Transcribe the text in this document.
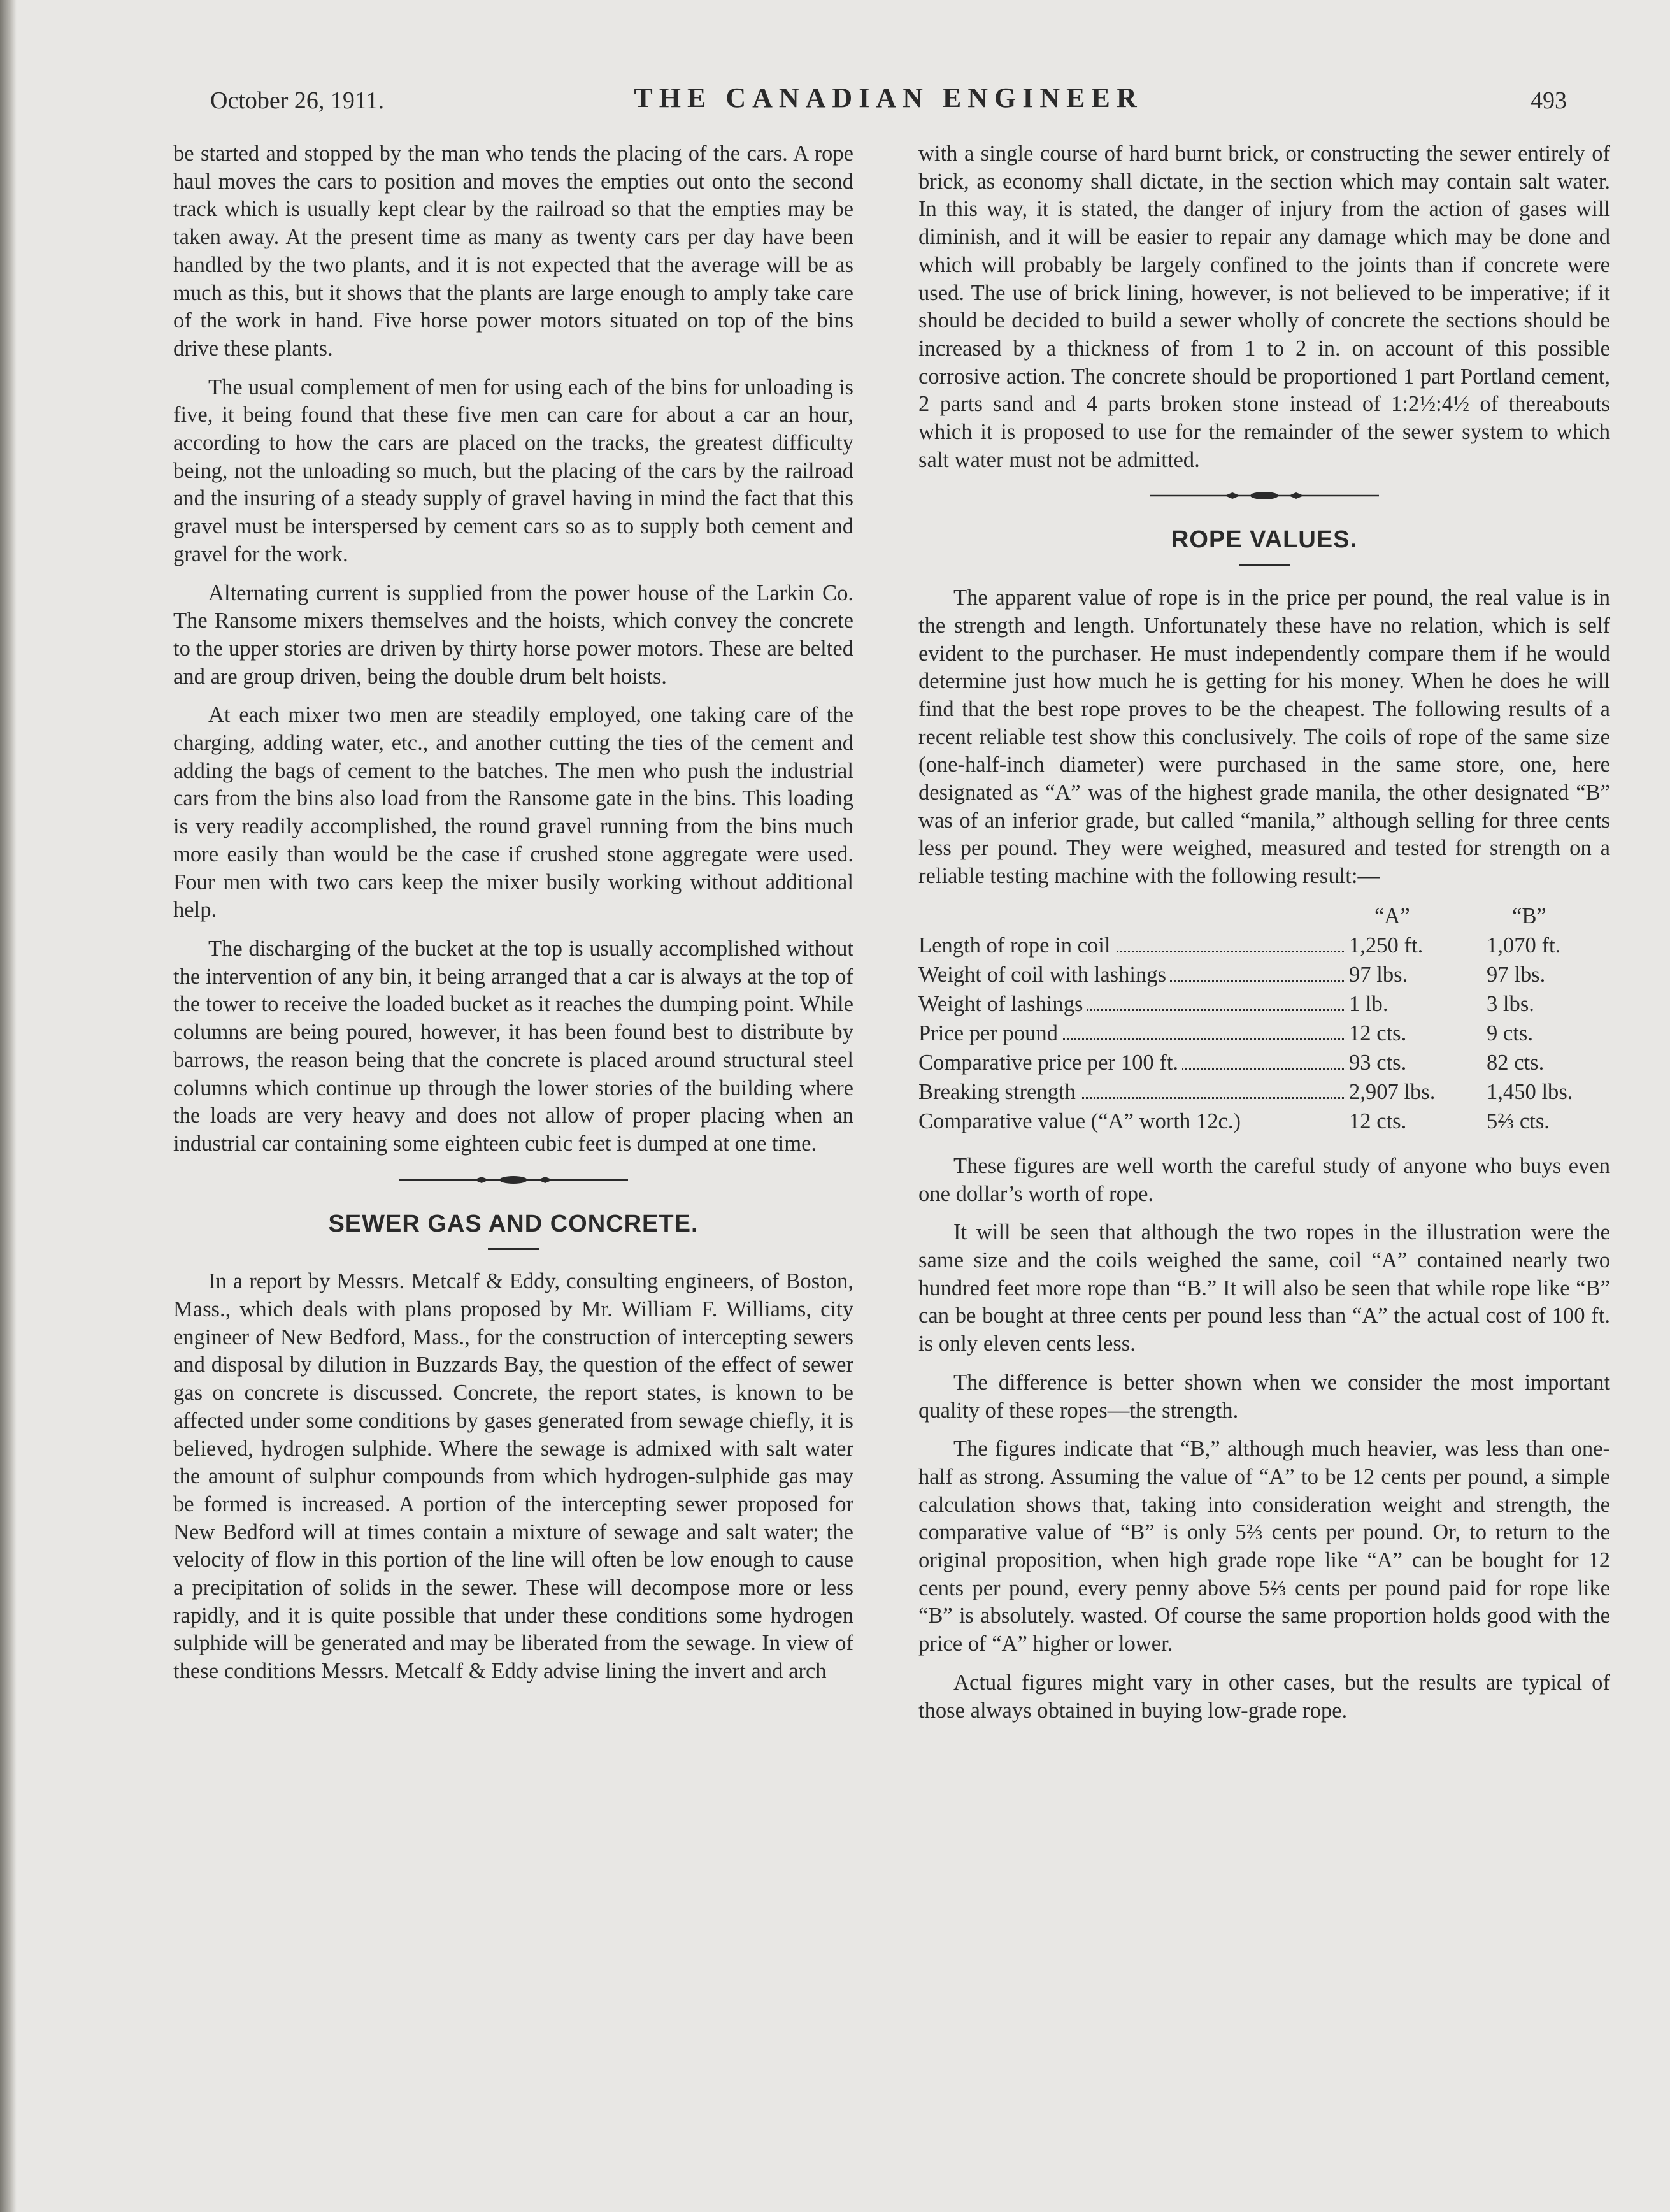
October 26, 1911.	THE CANADIAN ENGINEER	493

be started and stopped by the man who tends the placing of the cars. A rope haul moves the cars to position and moves the empties out onto the second track which is usually kept clear by the railroad so that the empties may be taken away. At the present time as many as twenty cars per day have been handled by the two plants, and it is not expected that the average will be as much as this, but it shows that the plants are large enough to amply take care of the work in hand. Five horse power motors situated on top of the bins drive these plants.

The usual complement of men for using each of the bins for unloading is five, it being found that these five men can care for about a car an hour, according to how the cars are placed on the tracks, the greatest difficulty being, not the unloading so much, but the placing of the cars by the railroad and the insuring of a steady supply of gravel having in mind the fact that this gravel must be interspersed by cement cars so as to supply both cement and gravel for the work.

Alternating current is supplied from the power house of the Larkin Co. The Ransome mixers themselves and the hoists, which convey the concrete to the upper stories are driven by thirty horse power motors. These are belted and are group driven, being the double drum belt hoists.

At each mixer two men are steadily employed, one taking care of the charging, adding water, etc., and another cutting the ties of the cement and adding the bags of cement to the batches. The men who push the industrial cars from the bins also load from the Ransome gate in the bins. This loading is very readily accomplished, the round gravel running from the bins much more easily than would be the case if crushed stone aggregate were used. Four men with two cars keep the mixer busily working without additional help.

The discharging of the bucket at the top is usually accomplished without the intervention of any bin, it being arranged that a car is always at the top of the tower to receive the loaded bucket as it reaches the dumping point. While columns are being poured, however, it has been found best to distribute by barrows, the reason being that the concrete is placed around structural steel columns which continue up through the lower stories of the building where the loads are very heavy and does not allow of proper placing when an industrial car containing some eighteen cubic feet is dumped at one time.

SEWER GAS AND CONCRETE.

In a report by Messrs. Metcalf & Eddy, consulting engineers, of Boston, Mass., which deals with plans proposed by Mr. William F. Williams, city engineer of New Bedford, Mass., for the construction of intercepting sewers and disposal by dilution in Buzzards Bay, the question of the effect of sewer gas on concrete is discussed. Concrete, the report states, is known to be affected under some conditions by gases generated from sewage chiefly, it is believed, hydrogen sulphide. Where the sewage is admixed with salt water the amount of sulphur compounds from which hydrogen-sulphide gas may be formed is increased. A portion of the intercepting sewer proposed for New Bedford will at times contain a mixture of sewage and salt water; the velocity of flow in this portion of the line will often be low enough to cause a precipitation of solids in the sewer. These will decompose more or less rapidly, and it is quite possible that under these conditions some hydrogen sulphide will be generated and may be liberated from the sewage. In view of these conditions Messrs. Metcalf & Eddy advise lining the invert and arch

with a single course of hard burnt brick, or constructing the sewer entirely of brick, as economy shall dictate, in the section which may contain salt water. In this way, it is stated, the danger of injury from the action of gases will diminish, and it will be easier to repair any damage which may be done and which will probably be largely confined to the joints than if concrete were used. The use of brick lining, however, is not believed to be imperative; if it should be decided to build a sewer wholly of concrete the sections should be increased by a thickness of from 1 to 2 in. on account of this possible corrosive action. The concrete should be proportioned 1 part Portland cement, 2 parts sand and 4 parts broken stone instead of 1:2½:4½ of thereabouts which it is proposed to use for the remainder of the sewer system to which salt water must not be admitted.

ROPE VALUES.

The apparent value of rope is in the price per pound, the real value is in the strength and length. Unfortunately these have no relation, which is self evident to the purchaser. He must independently compare them if he would determine just how much he is getting for his money. When he does he will find that the best rope proves to be the cheapest. The following results of a recent reliable test show this conclusively. The coils of rope of the same size (one-half-inch diameter) were purchased in the same store, one, here designated as “A” was of the highest grade manila, the other designated “B” was of an inferior grade, but called “manila,” although selling for three cents less per pound. They were weighed, measured and tested for strength on a reliable testing machine with the following result:—

	“A”	“B”
Length of rope in coil	1,250 ft.	1,070 ft.
Weight of coil with lashings	97 lbs.	97 lbs.
Weight of lashings	1 lb.	3 lbs.
Price per pound	12 cts.	9 cts.
Comparative price per 100 ft.	93 cts.	82 cts.
Breaking strength	2,907 lbs.	1,450 lbs.
Comparative value (“A” worth 12c.)	12 cts.	5⅔ cts.

These figures are well worth the careful study of anyone who buys even one dollar’s worth of rope.

It will be seen that although the two ropes in the illustration were the same size and the coils weighed the same, coil “A” contained nearly two hundred feet more rope than “B.” It will also be seen that while rope like “B” can be bought at three cents per pound less than “A” the actual cost of 100 ft. is only eleven cents less.

The difference is better shown when we consider the most important quality of these ropes—the strength.

The figures indicate that “B,” although much heavier, was less than one-half as strong. Assuming the value of “A” to be 12 cents per pound, a simple calculation shows that, taking into consideration weight and strength, the comparative value of “B” is only 5⅔ cents per pound. Or, to return to the original proposition, when high grade rope like “A” can be bought for 12 cents per pound, every penny above 5⅔ cents per pound paid for rope like “B” is absolutely. wasted. Of course the same proportion holds good with the price of “A” higher or lower.

Actual figures might vary in other cases, but the results are typical of those always obtained in buying low-grade rope.
